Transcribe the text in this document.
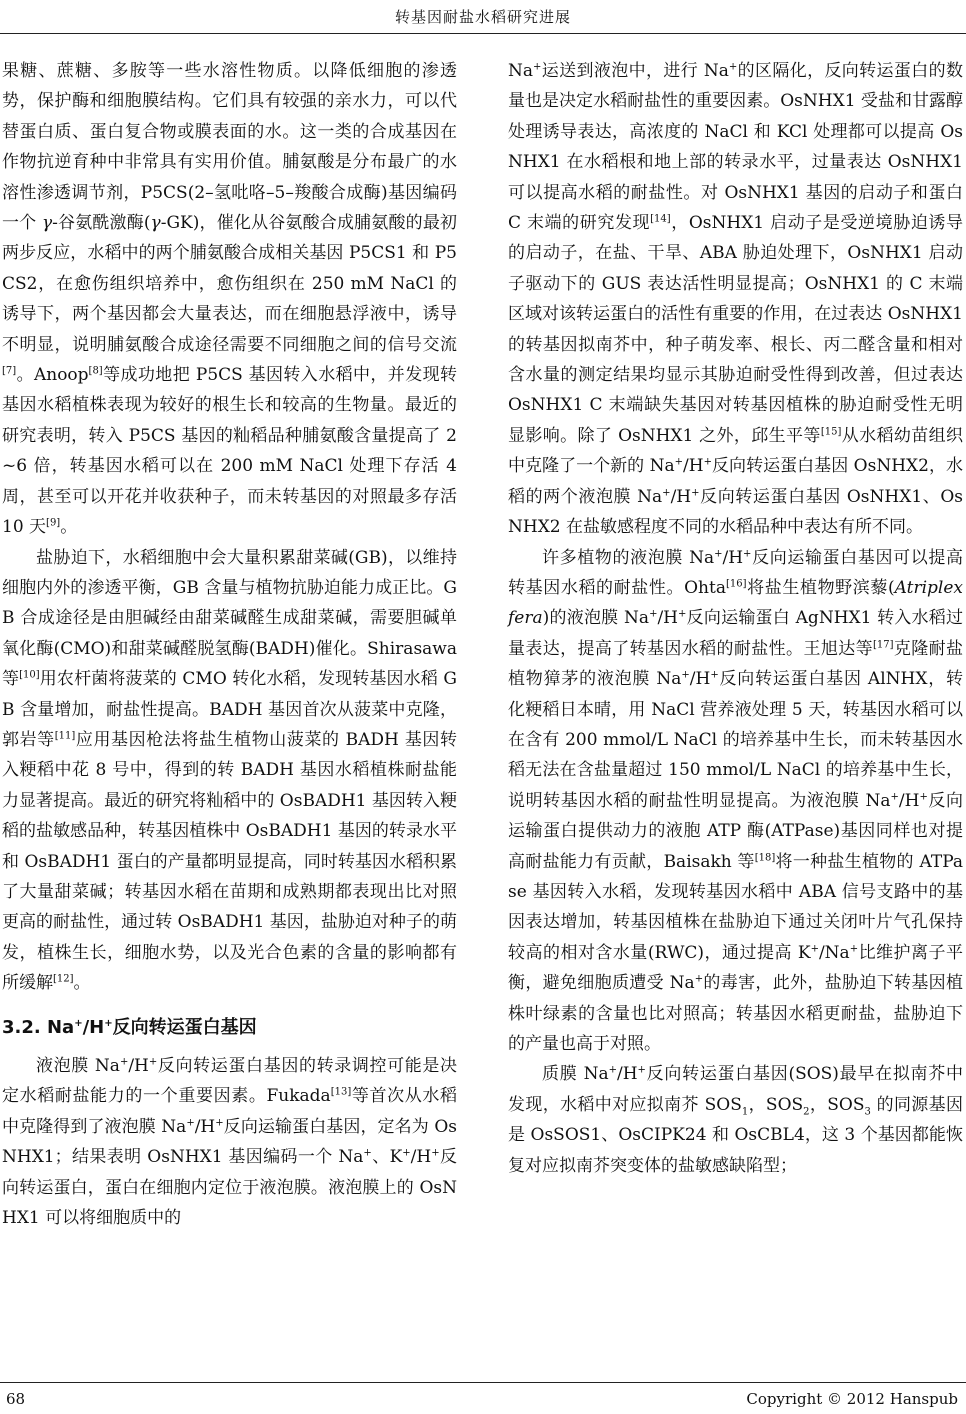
转基因耐盐水稻研究进展

果糖、蔗糖、多胺等一些水溶性物质。以降低细胞的渗透势，保护酶和细胞膜结构。它们具有较强的亲水力，可以代替蛋白质、蛋白复合物或膜表面的水。这一类的合成基因在作物抗逆育种中非常具有实用价值。脯氨酸是分布最广的水溶性渗透调节剂，P5CS(2–氢吡咯–5–羧酸合成酶)基因编码一个 γ-谷氨酰激酶(γ-GK)，催化从谷氨酸合成脯氨酸的最初两步反应，水稻中的两个脯氨酸合成相关基因 P5CS1 和 P5CS2，在愈伤组织培养中，愈伤组织在 250 mM NaCl 的诱导下，两个基因都会大量表达，而在细胞悬浮液中，诱导不明显，说明脯氨酸合成途径需要不同细胞之间的信号交流[7]。Anoop[8]等成功地把 P5CS 基因转入水稻中，并发现转基因水稻植株表现为较好的根生长和较高的生物量。最近的研究表明，转入 P5CS 基因的籼稻品种脯氨酸含量提高了 2~6 倍，转基因水稻可以在 200 mM NaCl 处理下存活 4 周，甚至可以开花并收获种子，而未转基因的对照最多存活 10 天[9]。

盐胁迫下，水稻细胞中会大量积累甜菜碱(GB)，以维持细胞内外的渗透平衡，GB 含量与植物抗胁迫能力成正比。GB 合成途径是由胆碱经由甜菜碱醛生成甜菜碱，需要胆碱单氧化酶(CMO)和甜菜碱醛脱氢酶(BADH)催化。Shirasawa 等[10]用农杆菌将菠菜的 CMO 转化水稻，发现转基因水稻 GB 含量增加，耐盐性提高。BADH 基因首次从菠菜中克隆，郭岩等[11]应用基因枪法将盐生植物山菠菜的 BADH 基因转入粳稻中花 8 号中，得到的转 BADH 基因水稻植株耐盐能力显著提高。最近的研究将籼稻中的 OsBADH1 基因转入粳稻的盐敏感品种，转基因植株中 OsBADH1 基因的转录水平和 OsBADH1 蛋白的产量都明显提高，同时转基因水稻积累了大量甜菜碱；转基因水稻在苗期和成熟期都表现出比对照更高的耐盐性，通过转 OsBADH1 基因，盐胁迫对种子的萌发，植株生长，细胞水势，以及光合色素的含量的影响都有所缓解[12]。

3.2. Na+/H+反向转运蛋白基因

液泡膜 Na+/H+反向转运蛋白基因的转录调控可能是决定水稻耐盐能力的一个重要因素。Fukada[13]等首次从水稻中克隆得到了液泡膜 Na+/H+反向运输蛋白基因，定名为 OsNHX1；结果表明 OsNHX1 基因编码一个 Na+、K+/H+反向转运蛋白，蛋白在细胞内定位于液泡膜。液泡膜上的 OsNHX1 可以将细胞质中的

Na+运送到液泡中，进行 Na+的区隔化，反向转运蛋白的数量也是决定水稻耐盐性的重要因素。OsNHX1 受盐和甘露醇处理诱导表达，高浓度的 NaCl 和 KCl 处理都可以提高 OsNHX1 在水稻根和地上部的转录水平，过量表达 OsNHX1 可以提高水稻的耐盐性。对 OsNHX1 基因的启动子和蛋白 C 末端的研究发现[14]，OsNHX1 启动子是受逆境胁迫诱导的启动子，在盐、干旱、ABA 胁迫处理下，OsNHX1 启动子驱动下的 GUS 表达活性明显提高；OsNHX1 的 C 末端区域对该转运蛋白的活性有重要的作用，在过表达 OsNHX1 的转基因拟南芥中，种子萌发率、根长、丙二醛含量和相对含水量的测定结果均显示其胁迫耐受性得到改善，但过表达 OsNHX1 C 末端缺失基因对转基因植株的胁迫耐受性无明显影响。除了 OsNHX1 之外，邱生平等[15]从水稻幼苗组织中克隆了一个新的 Na+/H+反向转运蛋白基因 OsNHX2，水稻的两个液泡膜 Na+/H+反向转运蛋白基因 OsNHX1、OsNHX2 在盐敏感程度不同的水稻品种中表达有所不同。

许多植物的液泡膜 Na+/H+反向运输蛋白基因可以提高转基因水稻的耐盐性。Ohta[16]将盐生植物野滨藜(Atriplex fera)的液泡膜 Na+/H+反向运输蛋白 AgNHX1 转入水稻过量表达，提高了转基因水稻的耐盐性。王旭达等[17]克隆耐盐植物獐茅的液泡膜 Na+/H+反向转运蛋白基因 AlNHX，转化粳稻日本晴，用 NaCl 营养液处理 5 天，转基因水稻可以在含有 200 mmol/L NaCl 的培养基中生长，而未转基因水稻无法在含盐量超过 150 mmol/L NaCl 的培养基中生长，说明转基因水稻的耐盐性明显提高。为液泡膜 Na+/H+反向运输蛋白提供动力的液胞 ATP 酶(ATPase)基因同样也对提高耐盐能力有贡献，Baisakh 等[18]将一种盐生植物的 ATPase 基因转入水稻，发现转基因水稻中 ABA 信号支路中的基因表达增加，转基因植株在盐胁迫下通过关闭叶片气孔保持较高的相对含水量(RWC)，通过提高 K+/Na+比维护离子平衡，避免细胞质遭受 Na+的毒害，此外，盐胁迫下转基因植株叶绿素的含量也比对照高；转基因水稻更耐盐，盐胁迫下的产量也高于对照。

质膜 Na+/H+反向转运蛋白基因(SOS)最早在拟南芥中发现，水稻中对应拟南芥 $SOS_1$，$SOS_2$，$SOS_3$ 的同源基因是 OsSOS1、OsCIPK24 和 OsCBL4，这 3 个基因都能恢复对应拟南芥突变体的盐敏感缺陷型；

68	Copyright © 2012 Hanspub
